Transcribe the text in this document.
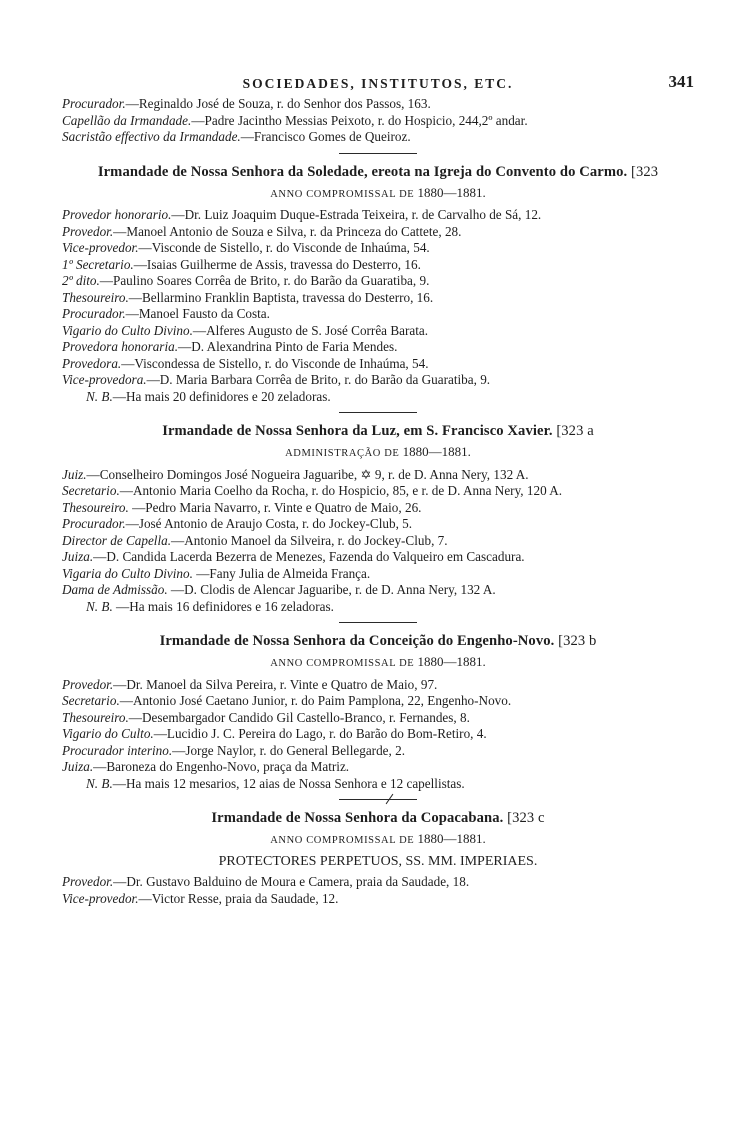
SOCIEDADES, INSTITUTOS, ETC.	341

Procurador.—Reginaldo José de Souza, r. do Senhor dos Passos, 163.

Capellão da Irmandade.—Padre Jacintho Messias Peixoto, r. do Hospicio, 244,2º andar.

Sacristão effectivo da Irmandade.—Francisco Gomes de Queiroz.

Irmandade de Nossa Senhora da Soledade, ereota na Igreja do Convento do Carmo. [323
ANNO COMPROMISSAL DE 1880—1881.

Provedor honorario.—Dr. Luiz Joaquim Duque-Estrada Teixeira, r. de Carvalho de Sá, 12.

Provedor.—Manoel Antonio de Souza e Silva, r. da Princeza do Cattete, 28.

Vice-provedor.—Visconde de Sistello, r. do Visconde de Inhaúma, 54.

1º Secretario.—Isaias Guilherme de Assis, travessa do Desterro, 16.

2º dito.—Paulino Soares Corrêa de Brito, r. do Barão da Guaratiba, 9.

Thesoureiro.—Bellarmino Franklin Baptista, travessa do Desterro, 16.

Procurador.—Manoel Fausto da Costa.

Vigario do Culto Divino.—Alferes Augusto de S. José Corrêa Barata.

Provedora honoraria.—D. Alexandrina Pinto de Faria Mendes.

Provedora.—Viscondessa de Sistello, r. do Visconde de Inhaúma, 54.

Vice-provedora.—D. Maria Barbara Corrêa de Brito, r. do Barão da Guaratiba, 9.

N. B.—Ha mais 20 definidores e 20 zeladoras.

Irmandade de Nossa Senhora da Luz, em S. Francisco Xavier. [323 a
ADMINISTRAÇÃO DE 1880—1881.

Juiz.—Conselheiro Domingos José Nogueira Jaguaribe, ✡ 9, r. de D. Anna Nery, 132 A.

Secretario.—Antonio Maria Coelho da Rocha, r. do Hospicio, 85, e r. de D. Anna Nery, 120 A.

Thesoureiro. —Pedro Maria Navarro, r. Vinte e Quatro de Maio, 26.

Procurador.—José Antonio de Araujo Costa, r. do Jockey-Club, 5.

Director de Capella.—Antonio Manoel da Silveira, r. do Jockey-Club, 7.

Juiza.—D. Candida Lacerda Bezerra de Menezes, Fazenda do Valqueiro em Cascadura.

Vigaria do Culto Divino. —Fany Julia de Almeida França.

Dama de Admissão. —D. Clodis de Alencar Jaguaribe, r. de D. Anna Nery, 132 A.

N. B. —Ha mais 16 definidores e 16 zeladoras.

Irmandade de Nossa Senhora da Conceição do Engenho-Novo. [323 b
ANNO COMPROMISSAL DE 1880—1881.

Provedor.—Dr. Manoel da Silva Pereira, r. Vinte e Quatro de Maio, 97.

Secretario.—Antonio José Caetano Junior, r. do Paim Pamplona, 22, Engenho-Novo.

Thesoureiro.—Desembargador Candido Gil Castello-Branco, r. Fernandes, 8.

Vigario do Culto.—Lucidio J. C. Pereira do Lago, r. do Barão do Bom-Retiro, 4.

Procurador interino.—Jorge Naylor, r. do General Bellegarde, 2.

Juiza.—Baroneza do Engenho-Novo, praça da Matriz.

N. B.—Ha mais 12 mesarios, 12 aias de Nossa Senhora e 12 capellistas.

Irmandade de Nossa Senhora da Copacabana. [323 c
ANNO COMPROMISSAL DE 1880—1881.
PROTECTORES PERPETUOS, SS. MM. IMPERIAES.

Provedor.—Dr. Gustavo Balduino de Moura e Camera, praia da Saudade, 18.

Vice-provedor.—Victor Resse, praia da Saudade, 12.
